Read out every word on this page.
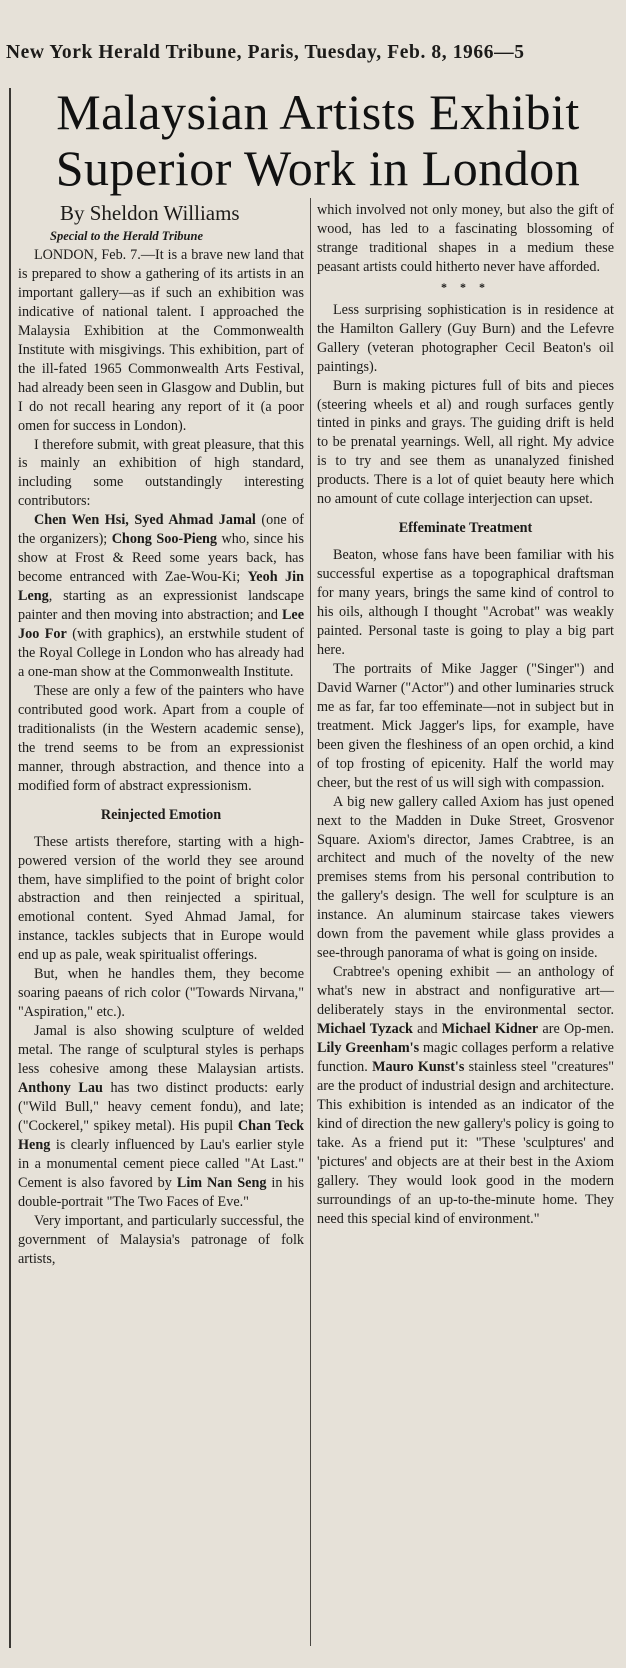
New York Herald Tribune, Paris, Tuesday, Feb. 8, 1966—5
Malaysian Artists Exhibit
Superior Work in London
By Sheldon Williams
Special to the Herald Tribune

LONDON, Feb. 7.—It is a brave new land that is prepared to show a gathering of its artists in an important gallery—as if such an exhibition was indicative of national talent. I approached the Malaysia Exhibition at the Commonwealth Institute with misgivings. This exhibition, part of the ill-fated 1965 Commonwealth Arts Festival, had already been seen in Glasgow and Dublin, but I do not recall hearing any report of it (a poor omen for success in London).

I therefore submit, with great pleasure, that this is mainly an exhibition of high standard, including some outstandingly interesting contributors:

Chen Wen Hsi, Syed Ahmad Jamal (one of the organizers); Chong Soo-Pieng who, since his show at Frost & Reed some years back, has become entranced with Zae-Wou-Ki; Yeoh Jin Leng, starting as an expressionist landscape painter and then moving into abstraction; and Lee Joo For (with graphics), an erstwhile student of the Royal College in London who has already had a one-man show at the Commonwealth Institute.

These are only a few of the painters who have contributed good work. Apart from a couple of traditionalists (in the Western academic sense), the trend seems to be from an expressionist manner, through abstraction, and thence into a modified form of abstract expressionism.

Reinjected Emotion

These artists therefore, starting with a high-powered version of the world they see around them, have simplified to the point of bright color abstraction and then reinjected a spiritual, emotional content. Syed Ahmad Jamal, for instance, tackles subjects that in Europe would end up as pale, weak spiritualist offerings.

But, when he handles them, they become soaring paeans of rich color ("Towards Nirvana," "Aspiration," etc.).

Jamal is also showing sculpture of welded metal. The range of sculptural styles is perhaps less cohesive among these Malaysian artists. Anthony Lau has two distinct products: early ("Wild Bull," heavy cement fondu), and late; ("Cockerel," spikey metal). His pupil Chan Teck Heng is clearly influenced by Lau's earlier style in a monumental cement piece called "At Last." Cement is also favored by Lim Nan Seng in his double-portrait "The Two Faces of Eve."

Very important, and particularly successful, the government of Malaysia's patronage of folk artists,

which involved not only money, but also the gift of wood, has led to a fascinating blossoming of strange traditional shapes in a medium these peasant artists could hitherto never have afforded.

* * *

Less surprising sophistication is in residence at the Hamilton Gallery (Guy Burn) and the Lefevre Gallery (veteran photographer Cecil Beaton's oil paintings).

Burn is making pictures full of bits and pieces (steering wheels et al) and rough surfaces gently tinted in pinks and grays. The guiding drift is held to be prenatal yearnings. Well, all right. My advice is to try and see them as unanalyzed finished products. There is a lot of quiet beauty here which no amount of cute collage interjection can upset.

Effeminate Treatment

Beaton, whose fans have been familiar with his successful expertise as a topographical draftsman for many years, brings the same kind of control to his oils, although I thought "Acrobat" was weakly painted. Personal taste is going to play a big part here.

The portraits of Mike Jagger ("Singer") and David Warner ("Actor") and other luminaries struck me as far, far too effeminate—not in subject but in treatment. Mick Jagger's lips, for example, have been given the fleshiness of an open orchid, a kind of top frosting of epicenity. Half the world may cheer, but the rest of us will sigh with compassion.

A big new gallery called Axiom has just opened next to the Madden in Duke Street, Grosvenor Square. Axiom's director, James Crabtree, is an architect and much of the novelty of the new premises stems from his personal contribution to the gallery's design. The well for sculpture is an instance. An aluminum staircase takes viewers down from the pavement while glass provides a see-through panorama of what is going on inside.

Crabtree's opening exhibit — an anthology of what's new in abstract and nonfigurative art—deliberately stays in the environmental sector. Michael Tyzack and Michael Kidner are Op-men. Lily Greenham's magic collages perform a relative function. Mauro Kunst's stainless steel "creatures" are the product of industrial design and architecture. This exhibition is intended as an indicator of the kind of direction the new gallery's policy is going to take. As a friend put it: "These 'sculptures' and 'pictures' and objects are at their best in the Axiom gallery. They would look good in the modern surroundings of an up-to-the-minute home. They need this special kind of environment."
